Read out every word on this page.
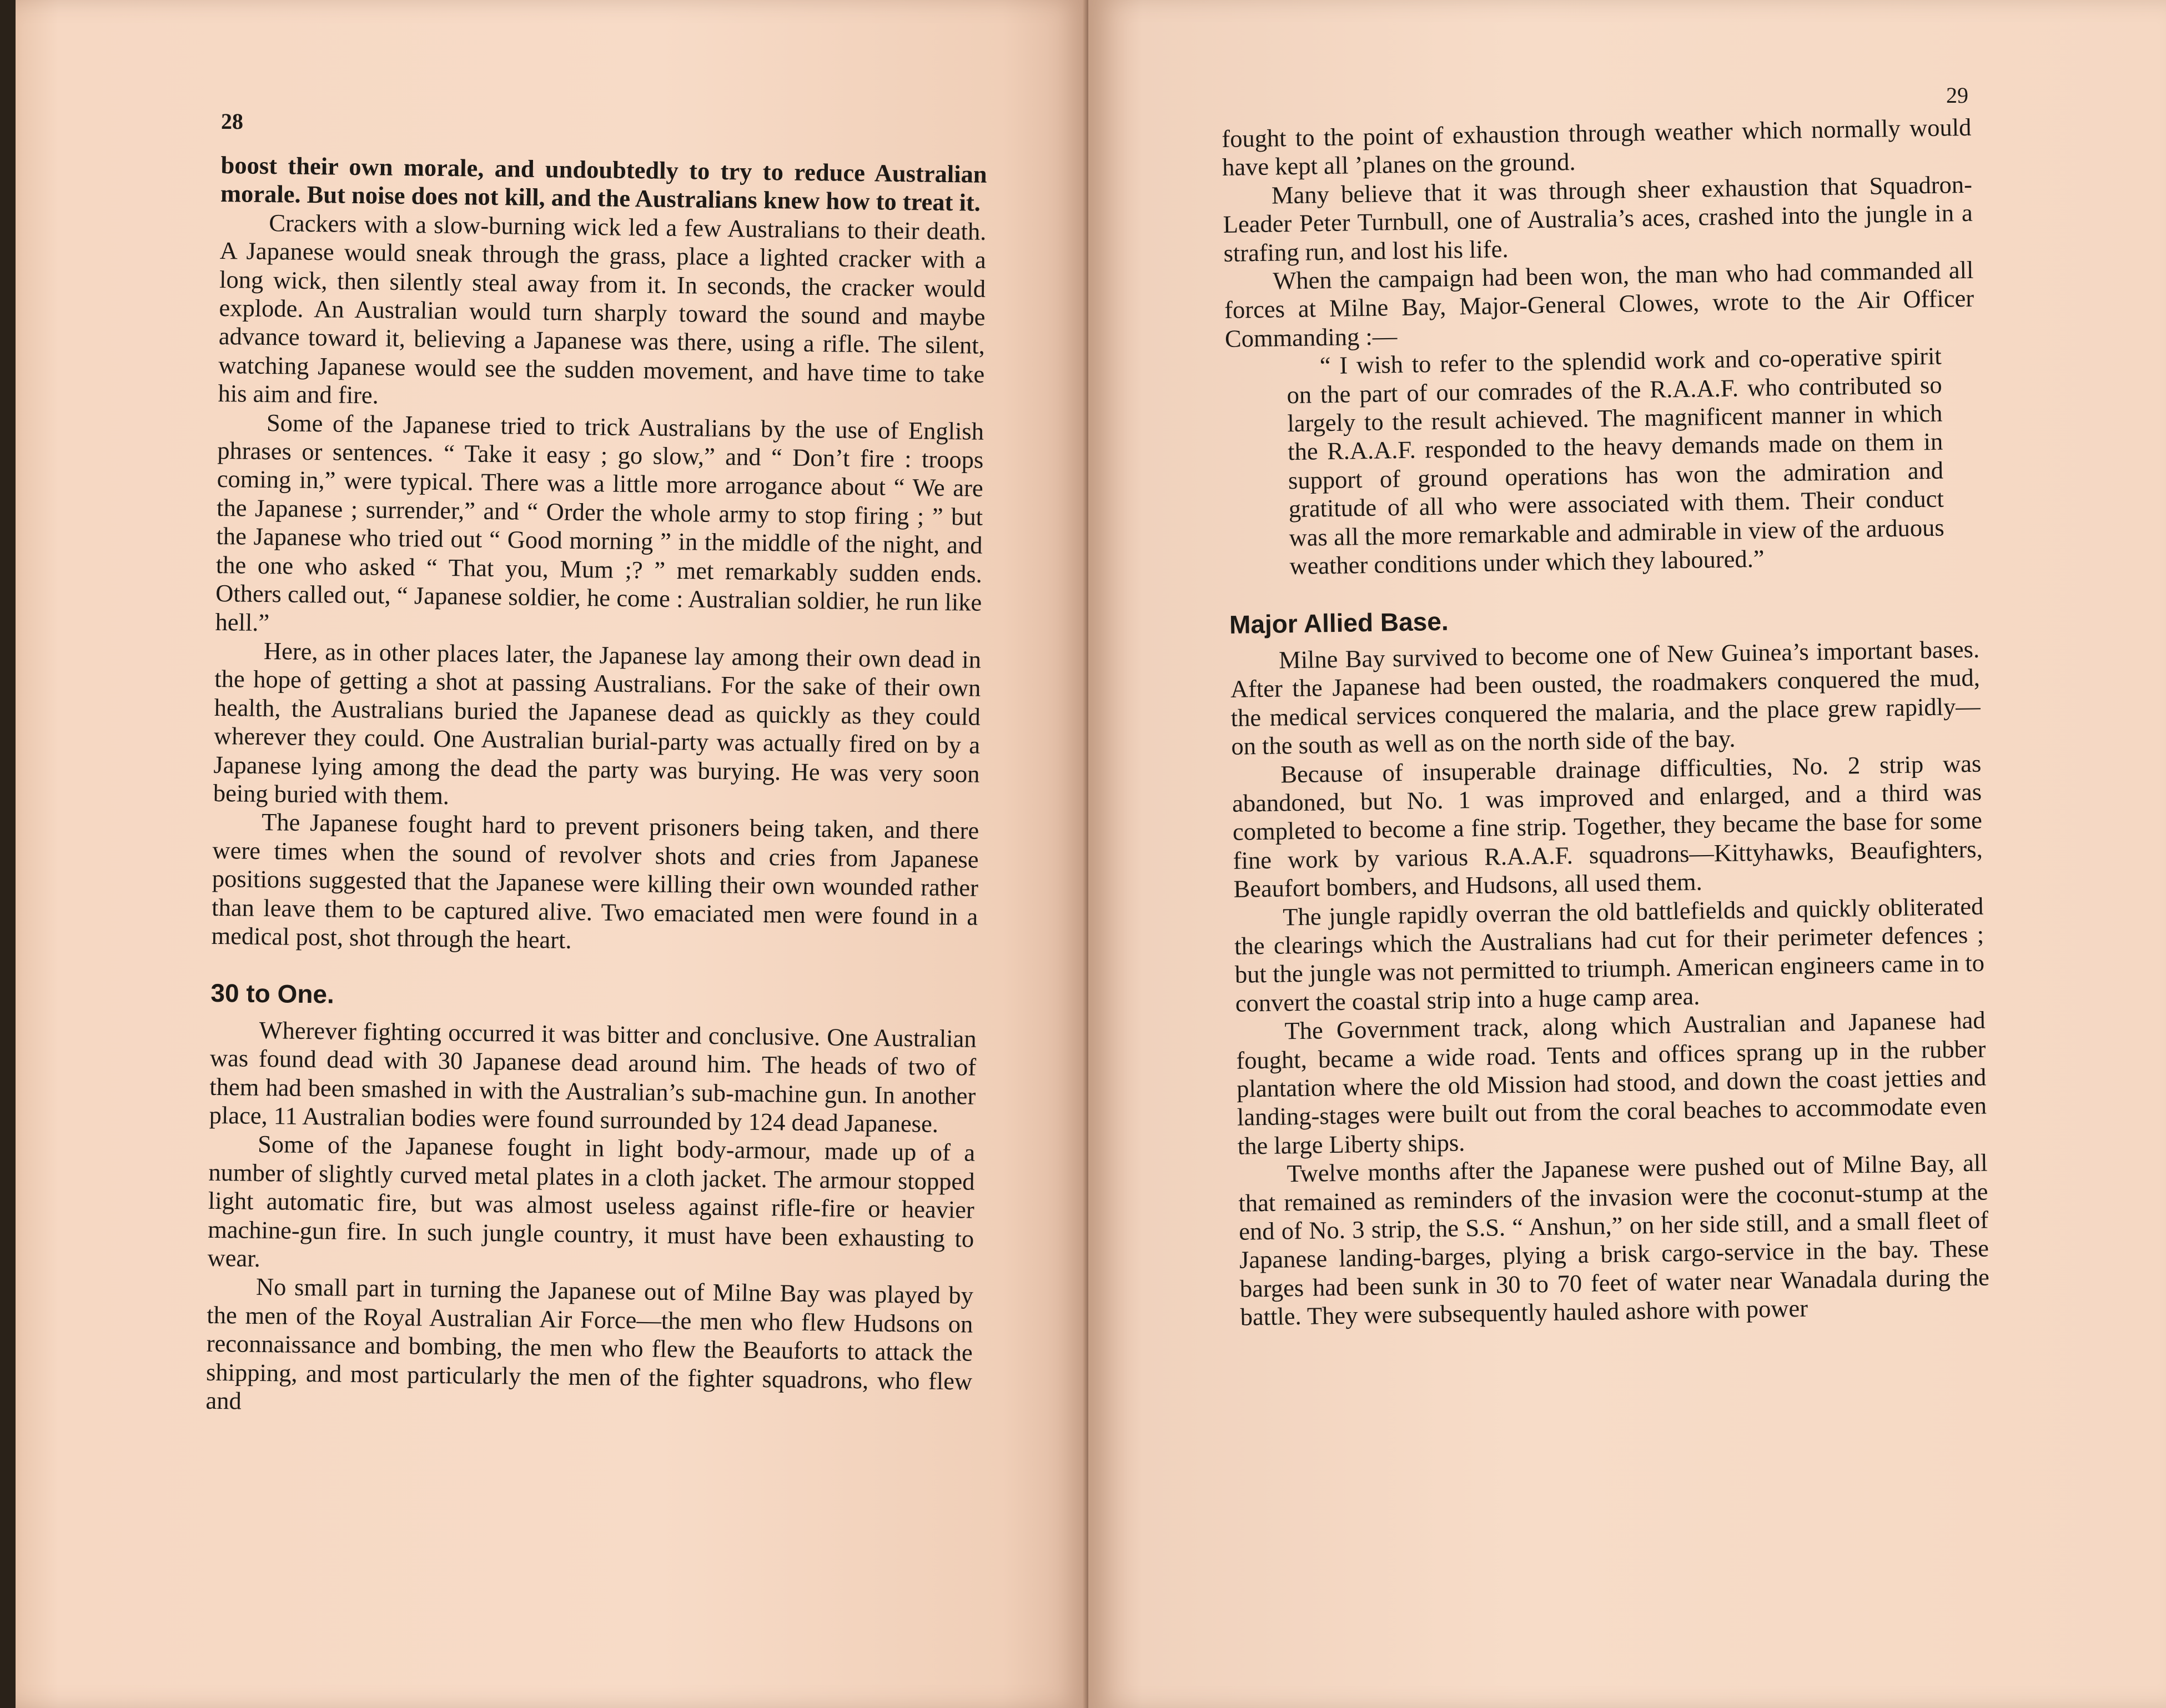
28

boost their own morale, and undoubtedly to try to reduce Australian morale. But noise does not kill, and the Australians knew how to treat it.

Crackers with a slow-burning wick led a few Australians to their death. A Japanese would sneak through the grass, place a lighted cracker with a long wick, then silently steal away from it. In seconds, the cracker would explode. An Australian would turn sharply toward the sound and maybe advance toward it, believing a Japanese was there, using a rifle. The silent, watching Japanese would see the sudden movement, and have time to take his aim and fire.

Some of the Japanese tried to trick Australians by the use of English phrases or sentences. “ Take it easy ; go slow,” and “ Don’t fire : troops coming in,” were typical. There was a little more arrogance about “ We are the Japanese ; surrender,” and “ Order the whole army to stop firing ; ” but the Japanese who tried out “ Good morning ” in the middle of the night, and the one who asked “ That you, Mum ;? ” met remarkably sudden ends. Others called out, “ Japanese soldier, he come : Australian soldier, he run like hell.”

Here, as in other places later, the Japanese lay among their own dead in the hope of getting a shot at passing Australians. For the sake of their own health, the Australians buried the Japanese dead as quickly as they could wherever they could. One Australian burial-party was actually fired on by a Japanese lying among the dead the party was burying. He was very soon being buried with them.

The Japanese fought hard to prevent prisoners being taken, and there were times when the sound of revolver shots and cries from Japanese positions suggested that the Japanese were killing their own wounded rather than leave them to be captured alive. Two emaciated men were found in a medical post, shot through the heart.

30 to One.

Wherever fighting occurred it was bitter and conclusive. One Australian was found dead with 30 Japanese dead around him. The heads of two of them had been smashed in with the Australian’s sub-machine gun. In another place, 11 Australian bodies were found surrounded by 124 dead Japanese.

Some of the Japanese fought in light body-armour, made up of a number of slightly curved metal plates in a cloth jacket. The armour stopped light automatic fire, but was almost useless against rifle-fire or heavier machine-gun fire. In such jungle country, it must have been exhausting to wear.

No small part in turning the Japanese out of Milne Bay was played by the men of the Royal Australian Air Force—the men who flew Hudsons on reconnaissance and bombing, the men who flew the Beauforts to attack the shipping, and most particularly the men of the fighter squadrons, who flew and

29

fought to the point of exhaustion through weather which normally would have kept all ’planes on the ground.

Many believe that it was through sheer exhaustion that Squadron-Leader Peter Turnbull, one of Australia’s aces, crashed into the jungle in a strafing run, and lost his life.

When the campaign had been won, the man who had commanded all forces at Milne Bay, Major-General Clowes, wrote to the Air Officer Commanding :—

“ I wish to refer to the splendid work and co-operative spirit on the part of our comrades of the R.A.A.F. who contributed so largely to the result achieved. The magnificent manner in which the R.A.A.F. responded to the heavy demands made on them in support of ground operations has won the admiration and gratitude of all who were associated with them. Their conduct was all the more remarkable and admirable in view of the arduous weather conditions under which they laboured.”

Major Allied Base.

Milne Bay survived to become one of New Guinea’s important bases. After the Japanese had been ousted, the roadmakers conquered the mud, the medical services conquered the malaria, and the place grew rapidly—on the south as well as on the north side of the bay.

Because of insuperable drainage difficulties, No. 2 strip was abandoned, but No. 1 was improved and enlarged, and a third was completed to become a fine strip. Together, they became the base for some fine work by various R.A.A.F. squadrons—Kittyhawks, Beaufighters, Beaufort bombers, and Hudsons, all used them.

The jungle rapidly overran the old battlefields and quickly obliterated the clearings which the Australians had cut for their perimeter defences ; but the jungle was not permitted to triumph. American engineers came in to convert the coastal strip into a huge camp area.

The Government track, along which Australian and Japanese had fought, became a wide road. Tents and offices sprang up in the rubber plantation where the old Mission had stood, and down the coast jetties and landing-stages were built out from the coral beaches to accommodate even the large Liberty ships.

Twelve months after the Japanese were pushed out of Milne Bay, all that remained as reminders of the invasion were the coconut-stump at the end of No. 3 strip, the S.S. “ Anshun,” on her side still, and a small fleet of Japanese landing-barges, plying a brisk cargo-service in the bay. These barges had been sunk in 30 to 70 feet of water near Wanadala during the battle. They were subsequently hauled ashore with power
